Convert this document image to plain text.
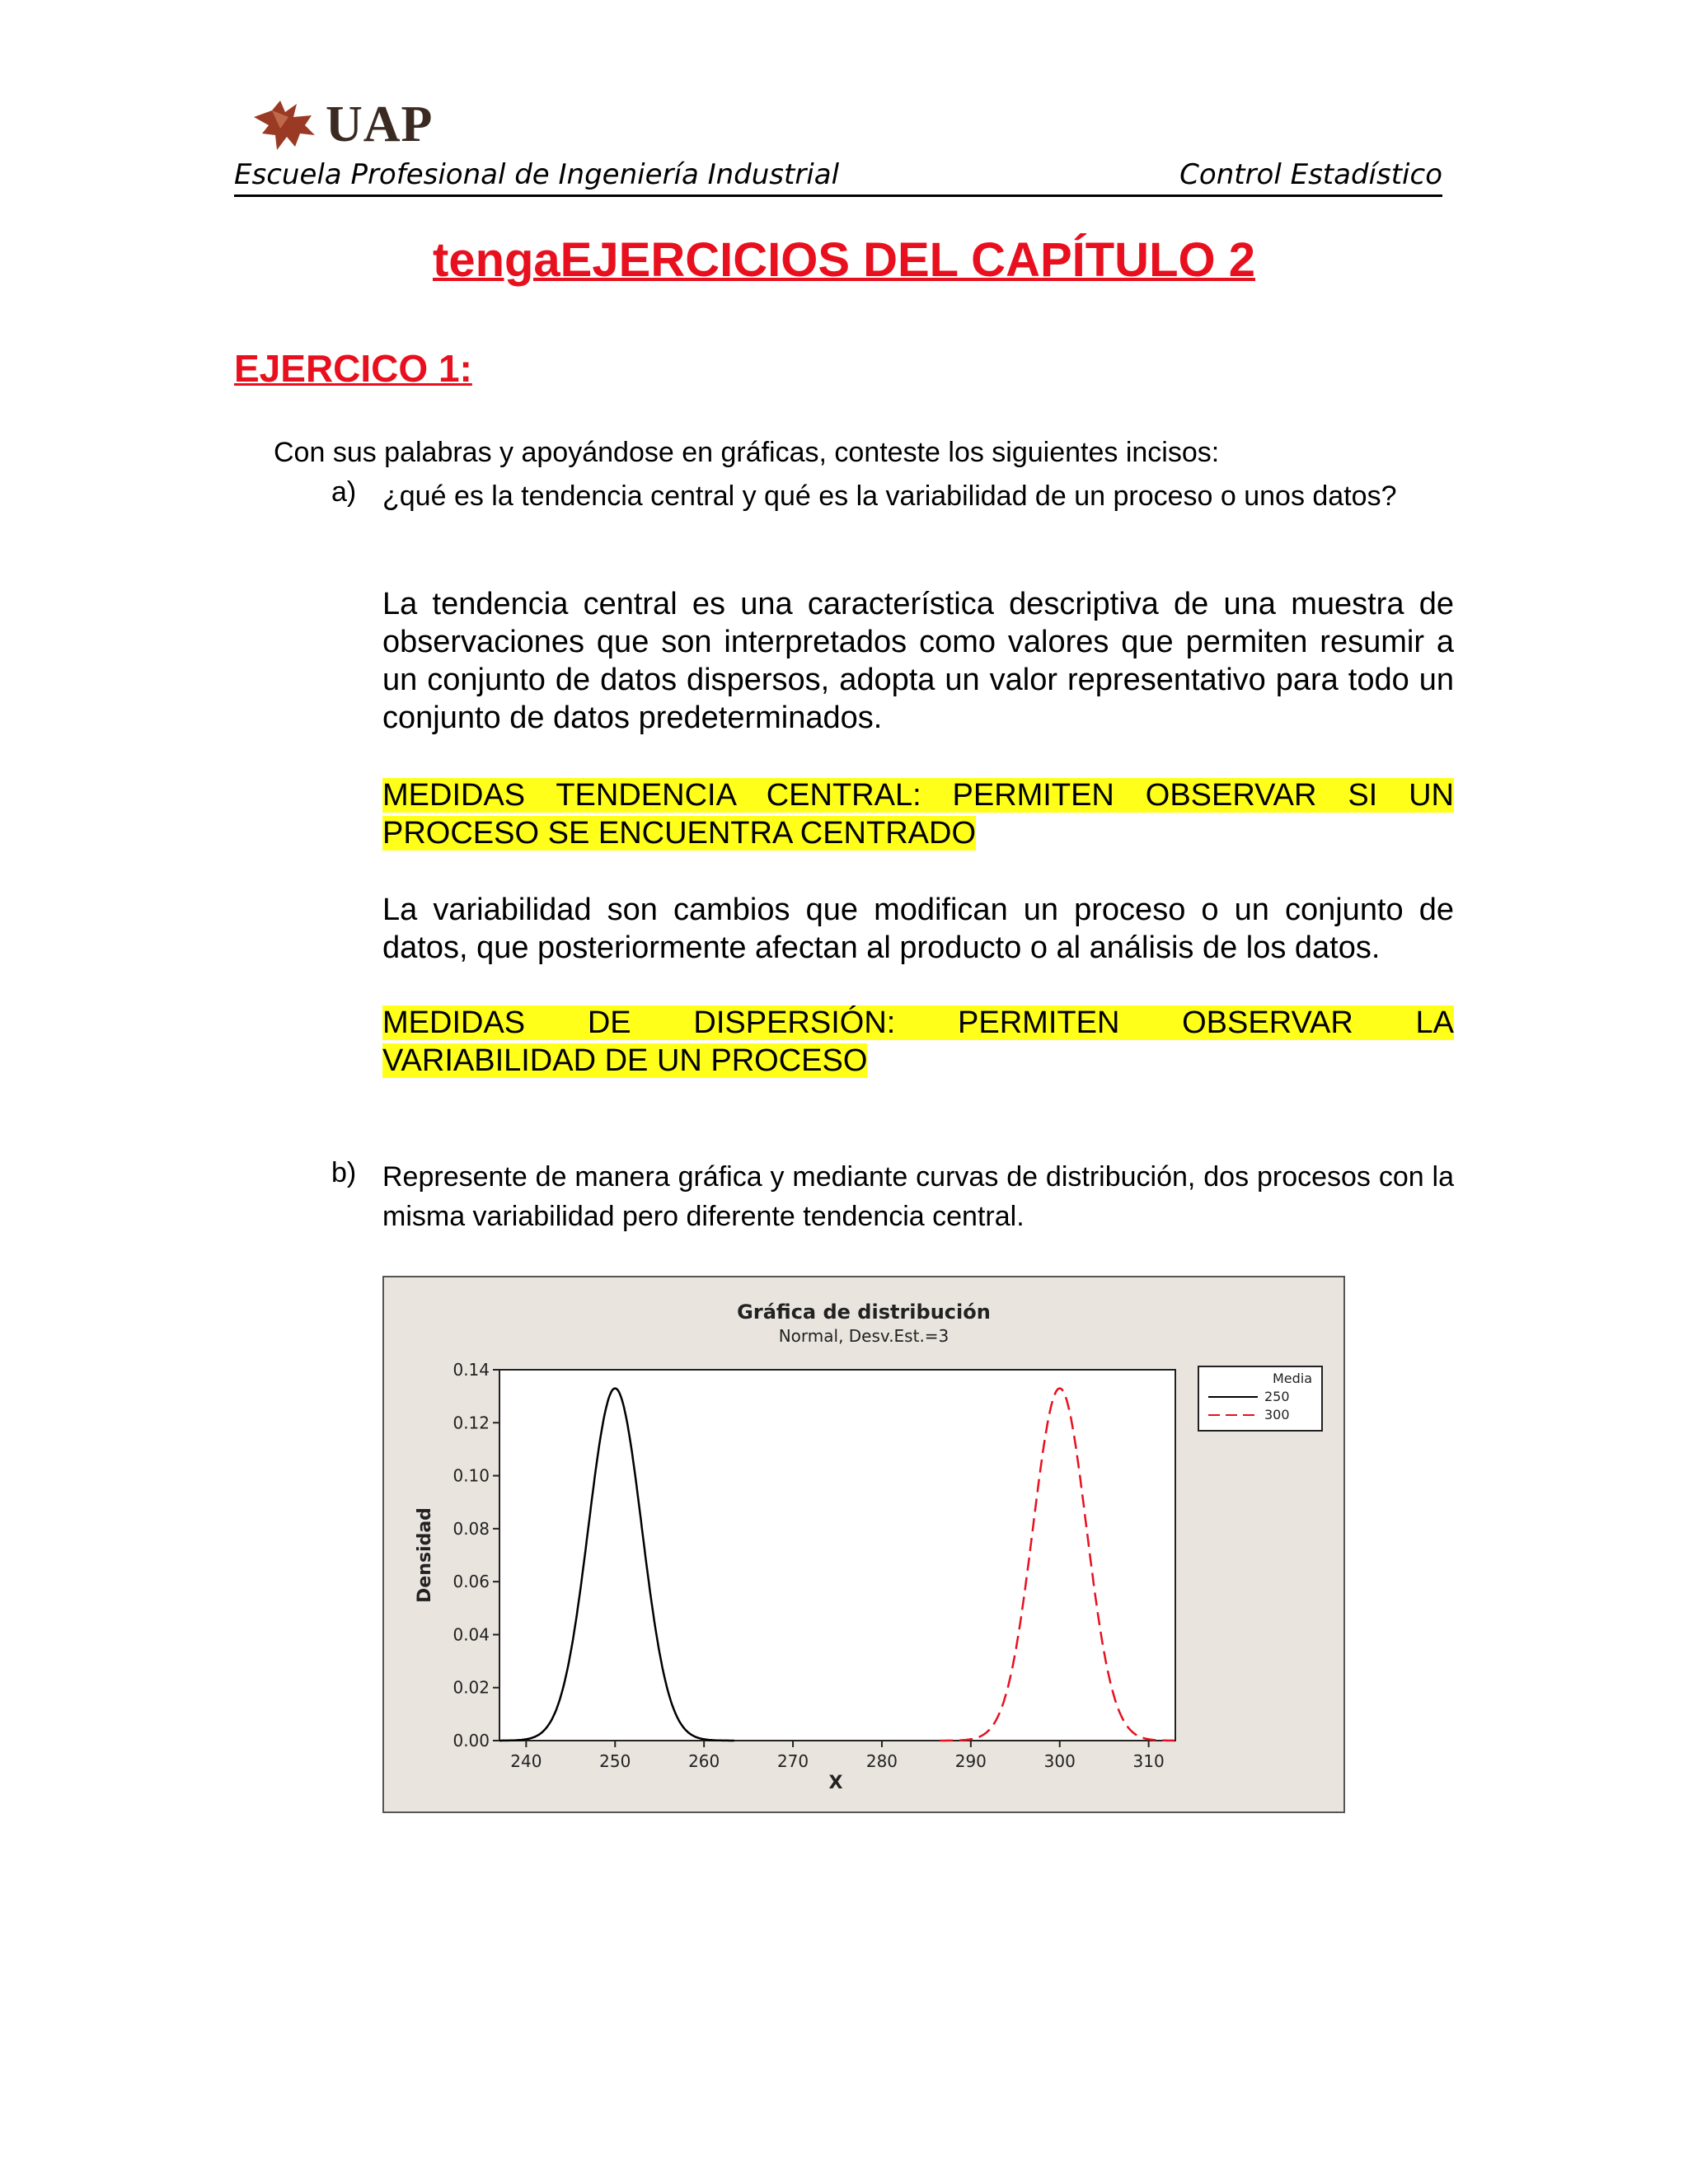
UAP
Escuela Profesional de Ingeniería Industrial	Control Estadístico
tengaEJERCICIOS DEL CAPÍTULO 2
EJERCICO 1:
Con sus palabras y apoyándose en gráficas, conteste los siguientes incisos:
a) ¿qué es la tendencia central y qué es la variabilidad de un proceso o unos datos?
La tendencia central es una característica descriptiva de una muestra de observaciones que son interpretados como valores que permiten resumir a un conjunto de datos dispersos, adopta un valor representativo para todo un conjunto de datos predeterminados.
MEDIDAS TENDENCIA CENTRAL: PERMITEN OBSERVAR SI UN
PROCESO SE ENCUENTRA CENTRADO
La variabilidad son cambios que modifican un proceso o un conjunto de datos, que posteriormente afectan al producto o al análisis de los datos.
MEDIDAS DE DISPERSIÓN: PERMITEN OBSERVAR LA
VARIABILIDAD DE UN PROCESO
b) Represente de manera gráfica y mediante curvas de distribución, dos procesos con la misma variabilidad pero diferente tendencia central.
Gráfica de distribución
Normal, Desv.Est.=3
0.00
0.02
0.04
0.06
0.08
0.10
0.12
0.14
240	250	260	270	280	290	300	310
X
Densidad
Media
250
300
